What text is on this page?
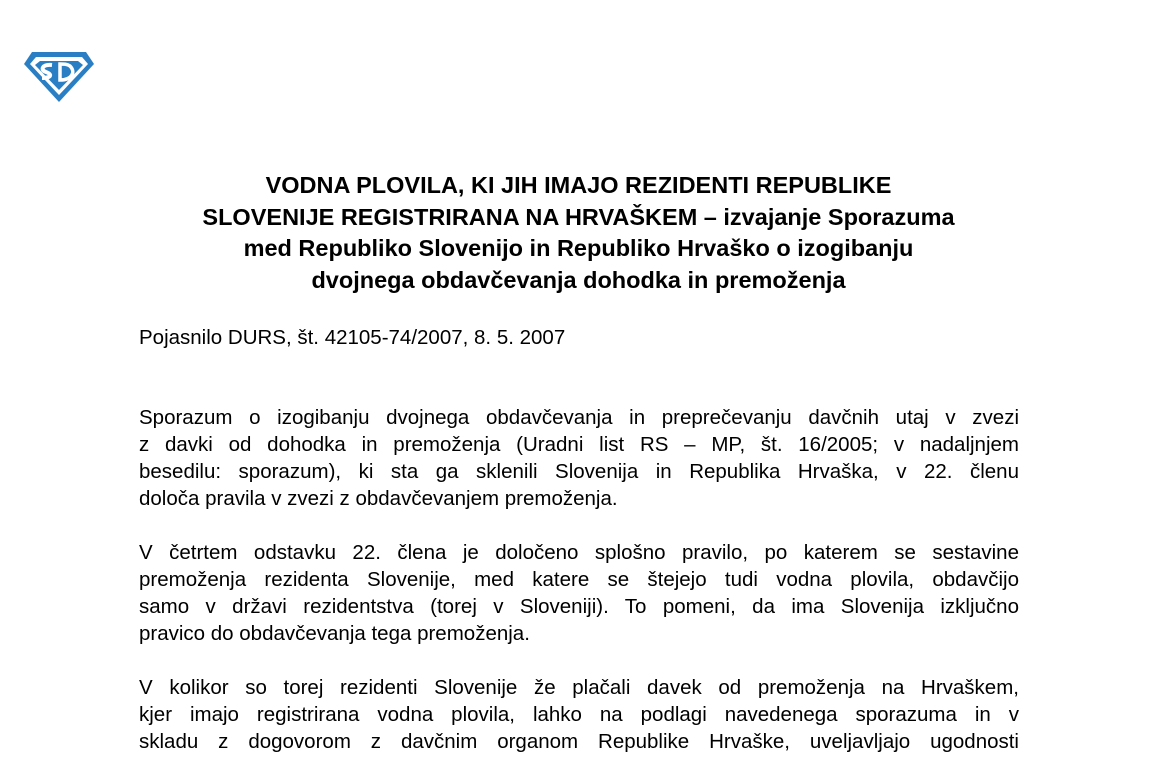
VODNA PLOVILA, KI JIH IMAJO REZIDENTI REPUBLIKE
SLOVENIJE REGISTRIRANA NA HRVAŠKEM – izvajanje Sporazuma
med Republiko Slovenijo in Republiko Hrvaško o izogibanju
dvojnega obdavčevanja dohodka in premoženja
Pojasnilo DURS, št. 42105-74/2007, 8. 5. 2007
Sporazum o izogibanju dvojnega obdavčevanja in preprečevanju davčnih utaj v zvezi
z davki od dohodka in premoženja (Uradni list RS – MP, št. 16/2005; v nadaljnjem
besedilu: sporazum), ki sta ga sklenili Slovenija in Republika Hrvaška, v 22. členu
določa pravila v zvezi z obdavčevanjem premoženja.
V četrtem odstavku 22. člena je določeno splošno pravilo, po katerem se sestavine
premoženja rezidenta Slovenije, med katere se štejejo tudi vodna plovila, obdavčijo
samo v državi rezidentstva (torej v Sloveniji). To pomeni, da ima Slovenija izključno
pravico do obdavčevanja tega premoženja.
V kolikor so torej rezidenti Slovenije že plačali davek od premoženja na Hrvaškem,
kjer imajo registrirana vodna plovila, lahko na podlagi navedenega sporazuma in v
skladu z dogovorom z davčnim organom Republike Hrvaške, uveljavljajo ugodnosti
